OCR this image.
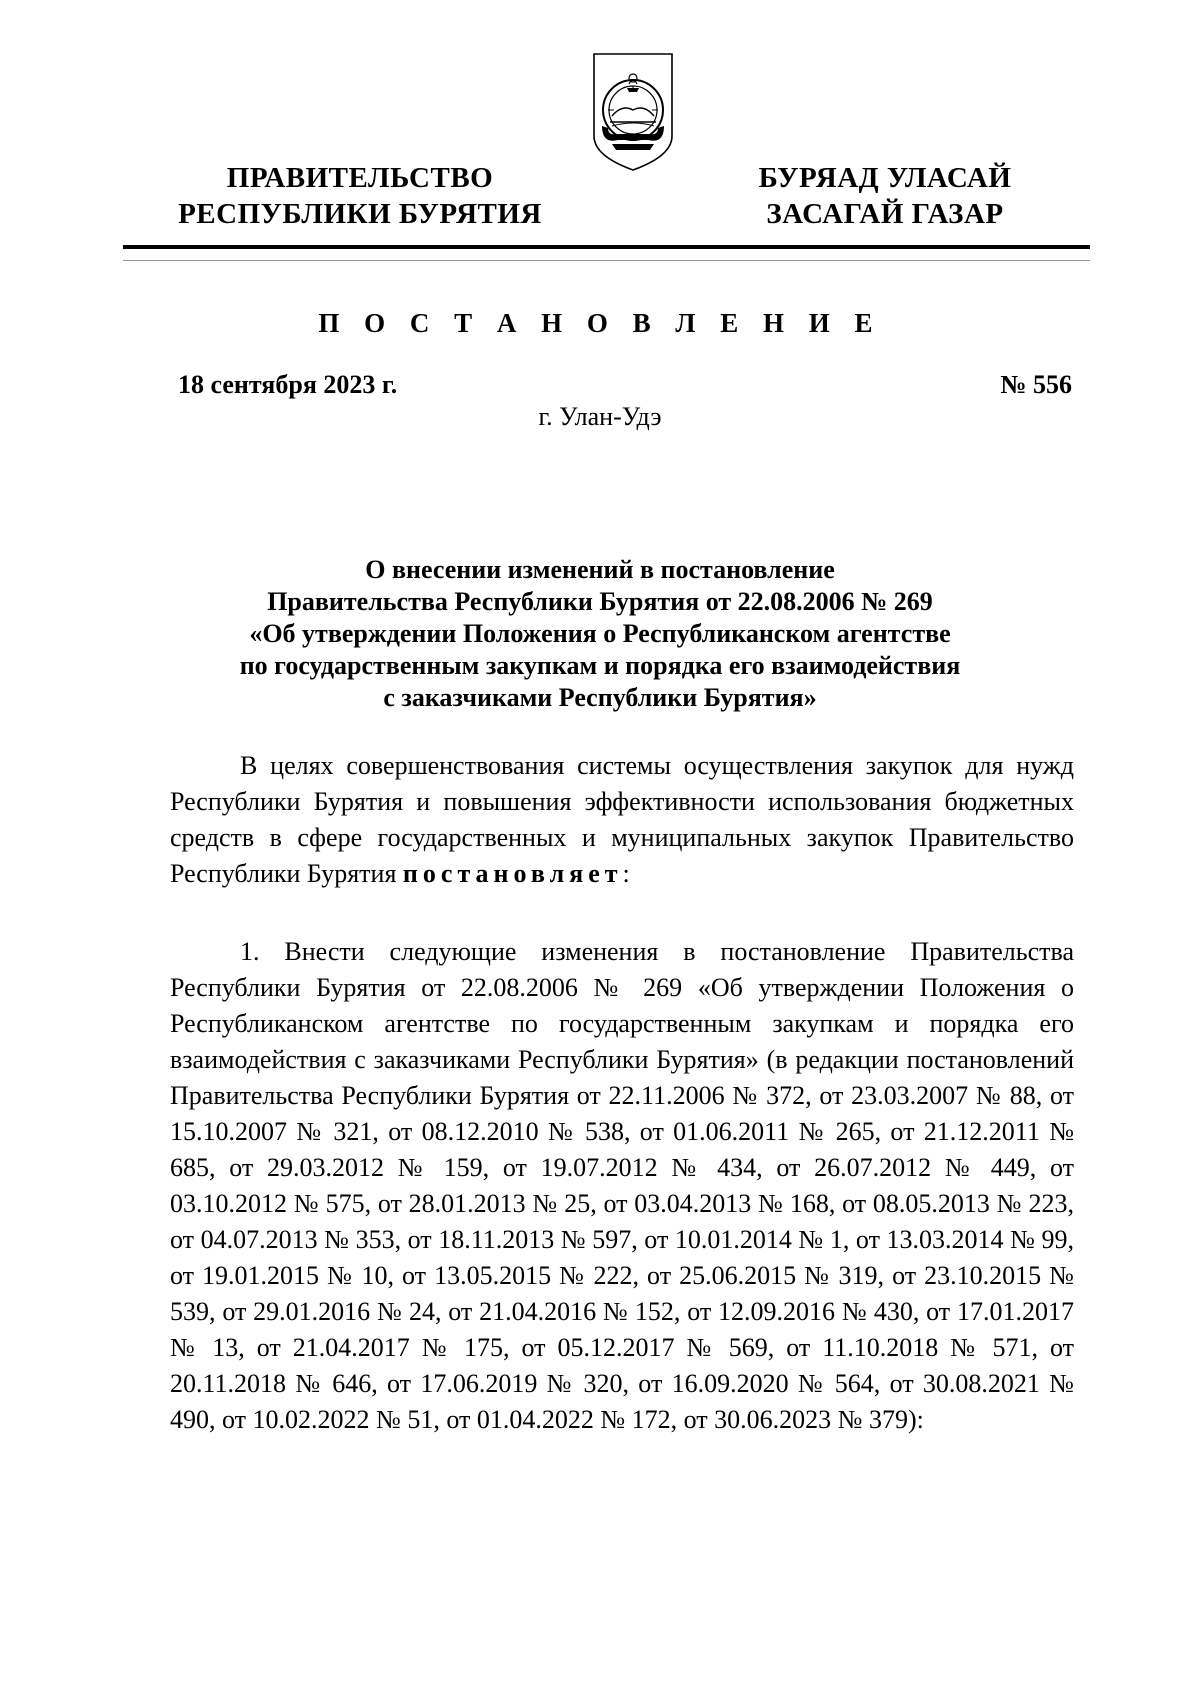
ПРАВИТЕЛЬСТВО
РЕСПУБЛИКИ БУРЯТИЯ
БУРЯАД УЛАСАЙ
ЗАСАГАЙ ГАЗАР
П О С Т А Н О В Л Е Н И Е
18 сентября 2023 г.	№ 556
г. Улан-Удэ
О внесении изменений в постановление
Правительства Республики Бурятия от 22.08.2006 № 269
«Об утверждении Положения о Республиканском агентстве
по государственным закупкам и порядка его взаимодействия
с заказчиками Республики Бурятия»
В целях совершенствования системы осуществления закупок для нужд Республики Бурятия и повышения эффективности использования бюджетных средств в сфере государственных и муниципальных закупок Правительство Республики Бурятия постановляет:
1. Внести следующие изменения в постановление Правительства Республики Бурятия от 22.08.2006 № 269 «Об утверждении Положения о Республиканском агентстве по государственным закупкам и порядка его взаимодействия с заказчиками Республики Бурятия» (в редакции постановлений Правительства Республики Бурятия от 22.11.2006 № 372, от 23.03.2007 № 88, от 15.10.2007 № 321, от 08.12.2010 № 538, от 01.06.2011 № 265, от 21.12.2011 № 685, от 29.03.2012 № 159, от 19.07.2012 № 434, от 26.07.2012 № 449, от 03.10.2012 № 575, от 28.01.2013 № 25, от 03.04.2013 № 168, от 08.05.2013 № 223, от 04.07.2013 № 353, от 18.11.2013 № 597, от 10.01.2014 № 1, от 13.03.2014 № 99, от 19.01.2015 № 10, от 13.05.2015 № 222, от 25.06.2015 № 319, от 23.10.2015 № 539, от 29.01.2016 № 24, от 21.04.2016 № 152, от 12.09.2016 № 430, от 17.01.2017 № 13, от 21.04.2017 № 175, от 05.12.2017 № 569, от 11.10.2018 № 571, от 20.11.2018 № 646, от 17.06.2019 № 320, от 16.09.2020 № 564, от 30.08.2021 № 490, от 10.02.2022 № 51, от 01.04.2022 № 172, от 30.06.2023 № 379):
